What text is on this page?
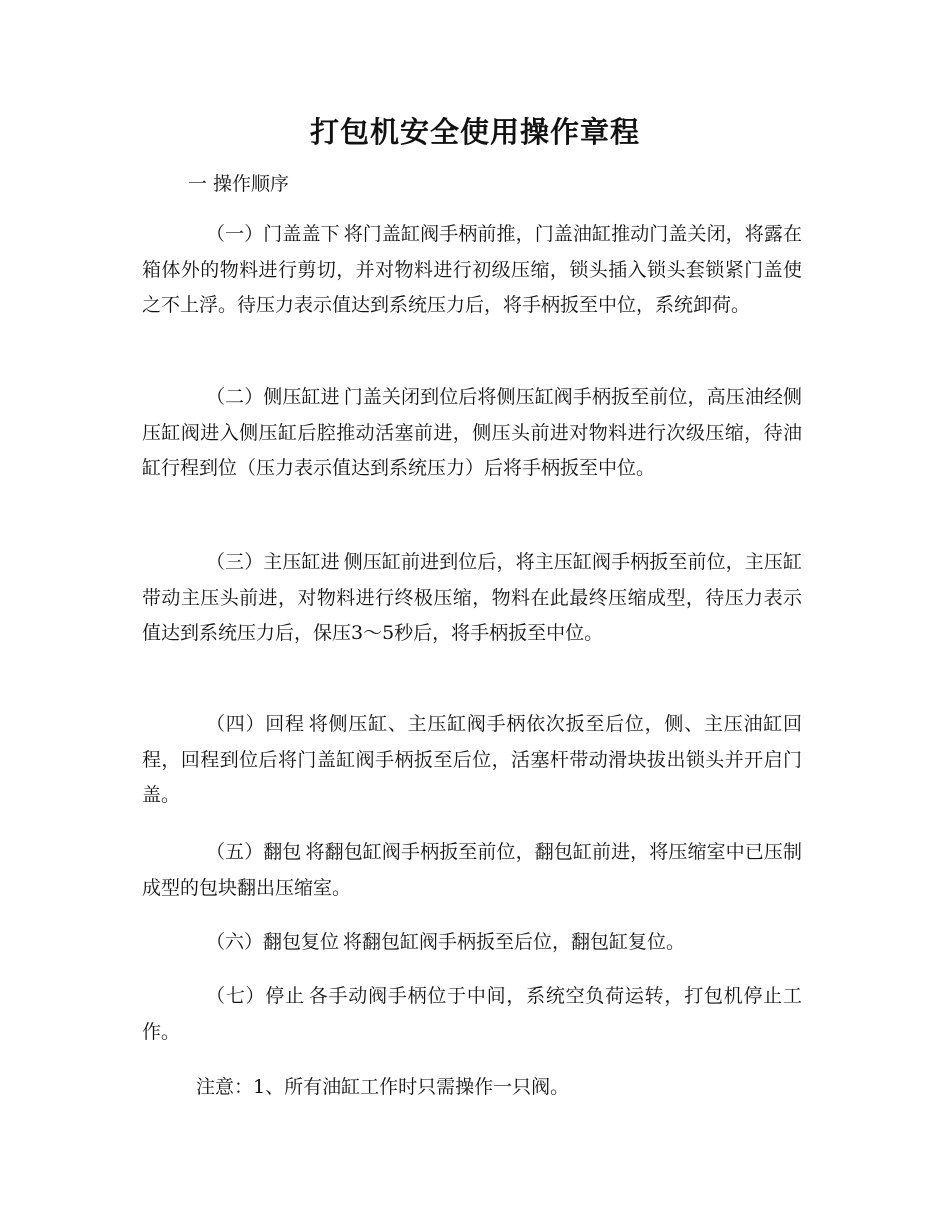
打包机安全使用操作章程
一 操作顺序

（一）门盖盖下 将门盖缸阀手柄前推，门盖油缸推动门盖关闭，将露在箱体外的物料进行剪切，并对物料进行初级压缩，锁头插入锁头套锁紧门盖使之不上浮。待压力表示值达到系统压力后，将手柄扳至中位，系统卸荷。

（二）侧压缸进 门盖关闭到位后将侧压缸阀手柄扳至前位，高压油经侧压缸阀进入侧压缸后腔推动活塞前进，侧压头前进对物料进行次级压缩，待油缸行程到位（压力表示值达到系统压力）后将手柄扳至中位。

（三）主压缸进 侧压缸前进到位后，将主压缸阀手柄扳至前位，主压缸带动主压头前进，对物料进行终极压缩，物料在此最终压缩成型，待压力表示值达到系统压力后，保压3～5秒后，将手柄扳至中位。

（四）回程 将侧压缸、主压缸阀手柄依次扳至后位，侧、主压油缸回程，回程到位后将门盖缸阀手柄扳至后位，活塞杆带动滑块拔出锁头并开启门盖。

（五）翻包 将翻包缸阀手柄扳至前位，翻包缸前进，将压缩室中已压制成型的包块翻出压缩室。

（六）翻包复位 将翻包缸阀手柄扳至后位，翻包缸复位。

（七）停止 各手动阀手柄位于中间，系统空负荷运转，打包机停止工作。

注意：1、所有油缸工作时只需操作一只阀。
